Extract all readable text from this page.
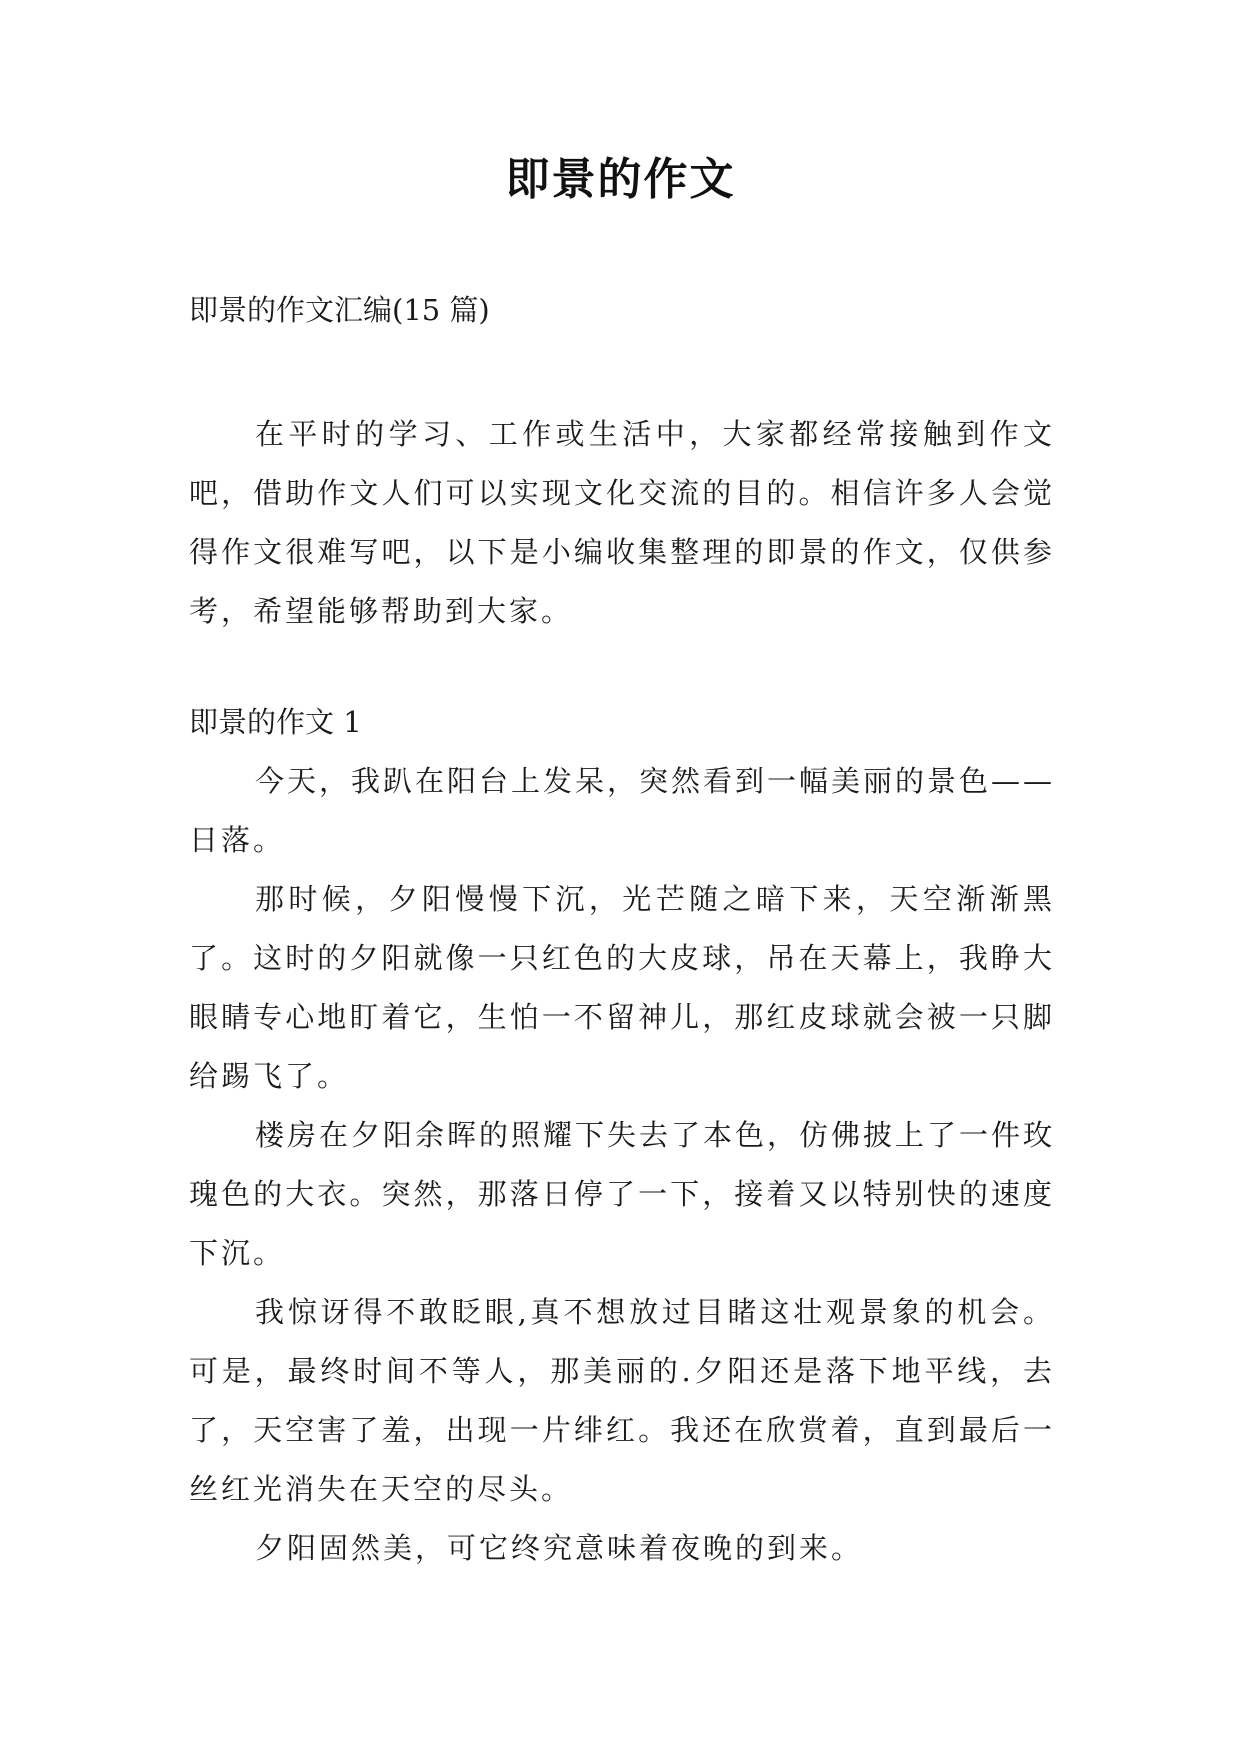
即景的作文
即景的作文汇编(15 篇)

在平时的学习、工作或生活中，大家都经常接触到作文吧，借助作文人们可以实现文化交流的目的。相信许多人会觉得作文很难写吧，以下是小编收集整理的即景的作文，仅供参考，希望能够帮助到大家。

即景的作文 1

今天，我趴在阳台上发呆，突然看到一幅美丽的景色——日落。

那时候，夕阳慢慢下沉，光芒随之暗下来，天空渐渐黑了。这时的夕阳就像一只红色的大皮球，吊在天幕上，我睁大眼睛专心地盯着它，生怕一不留神儿，那红皮球就会被一只脚给踢飞了。

楼房在夕阳余晖的照耀下失去了本色，仿佛披上了一件玫瑰色的大衣。突然，那落日停了一下，接着又以特别快的速度下沉。

我惊讶得不敢眨眼,真不想放过目睹这壮观景象的机会。可是，最终时间不等人，那美丽的.夕阳还是落下地平线，去了，天空害了羞，出现一片绯红。我还在欣赏着，直到最后一丝红光消失在天空的尽头。

夕阳固然美，可它终究意味着夜晚的到来。
